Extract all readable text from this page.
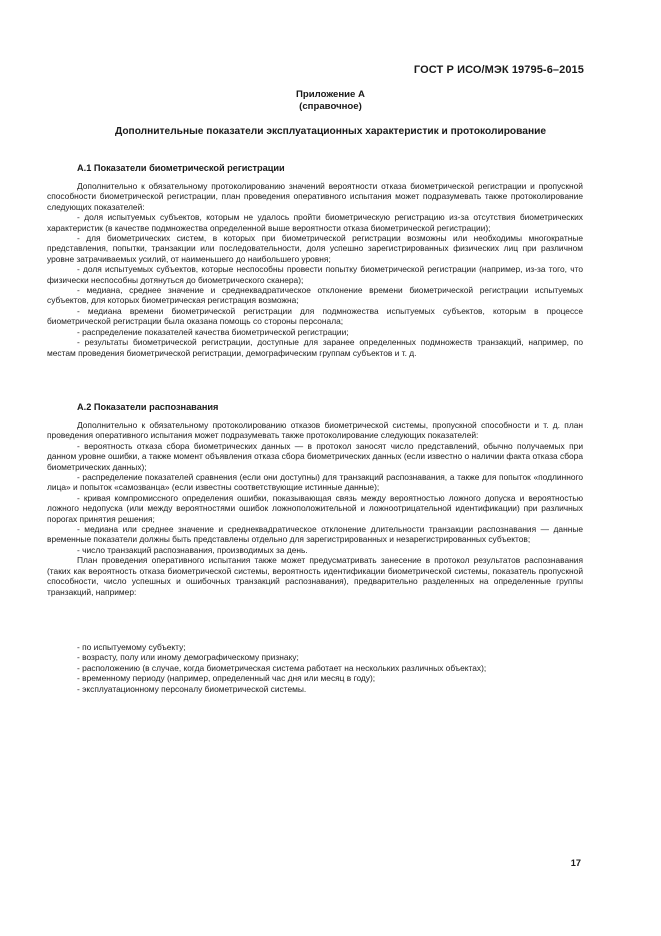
ГОСТ Р ИСО/МЭК 19795-6–2015
Приложение А
(справочное)
Дополнительные показатели эксплуатационных характеристик и протоколирование
А.1 Показатели биометрической регистрации

Дополнительно к обязательному протоколированию значений вероятности отказа биометрической регистрации и пропускной способности биометрической регистрации, план проведения оперативного испытания может подразумевать также протоколирование следующих показателей:

- доля испытуемых субъектов, которым не удалось пройти биометрическую регистрацию из-за отсутствия биометрических характеристик (в качестве подмножества определенной выше вероятности отказа биометрической регистрации);

- для биометрических систем, в которых при биометрической регистрации возможны или необходимы многократные представления, попытки, транзакции или последовательности, доля успешно зарегистрированных физических лиц при различном уровне затрачиваемых усилий, от наименьшего до наибольшего уровня;

- доля испытуемых субъектов, которые неспособны провести попытку биометрической регистрации (например, из-за того, что физически неспособны дотянуться до биометрического сканера);

- медиана, среднее значение и среднеквадратическое отклонение времени биометрической регистрации испытуемых субъектов, для которых биометрическая регистрация возможна;

- медиана времени биометрической регистрации для подмножества испытуемых субъектов, которым в процессе биометрической регистрации была оказана помощь со стороны персонала;

- распределение показателей качества биометрической регистрации;

- результаты биометрической регистрации, доступные для заранее определенных подмножеств транзакций, например, по местам проведения биометрической регистрации, демографическим группам субъектов и т. д.

А.2 Показатели распознавания

Дополнительно к обязательному протоколированию отказов биометрической системы, пропускной способности и т. д. план проведения оперативного испытания может подразумевать также протоколирование следующих показателей:

- вероятность отказа сбора биометрических данных — в протокол заносят число представлений, обычно получаемых при данном уровне ошибки, а также момент объявления отказа сбора биометрических данных (если известно о наличии факта отказа сбора биометрических данных);

- распределение показателей сравнения (если они доступны) для транзакций распознавания, а также для попыток «подлинного лица» и попыток «самозванца» (если известны соответствующие истинные данные);

- кривая компромиссного определения ошибки, показывающая связь между вероятностью ложного допуска и вероятностью ложного недопуска (или между вероятностями ошибок ложноположительной и ложноотрицательной идентификации) при различных порогах принятия решения;

- медиана или среднее значение и среднеквадратическое отклонение длительности транзакции распознавания — данные временные показатели должны быть представлены отдельно для зарегистрированных и незарегистрированных субъектов;

- число транзакций распознавания, производимых за день.

План проведения оперативного испытания также может предусматривать занесение в протокол результатов распознавания (таких как вероятность отказа биометрической системы, вероятность идентификации биометрической системы, показатель пропускной способности, число успешных и ошибочных транзакций распознавания), предварительно разделенных на определенные группы транзакций, например:

- по испытуемому субъекту;
- возрасту, полу или иному демографическому признаку;
- расположению (в случае, когда биометрическая система работает на нескольких различных объектах);
- временному периоду (например, определенный час дня или месяц в году);
- эксплуатационному персоналу биометрической системы.
17
